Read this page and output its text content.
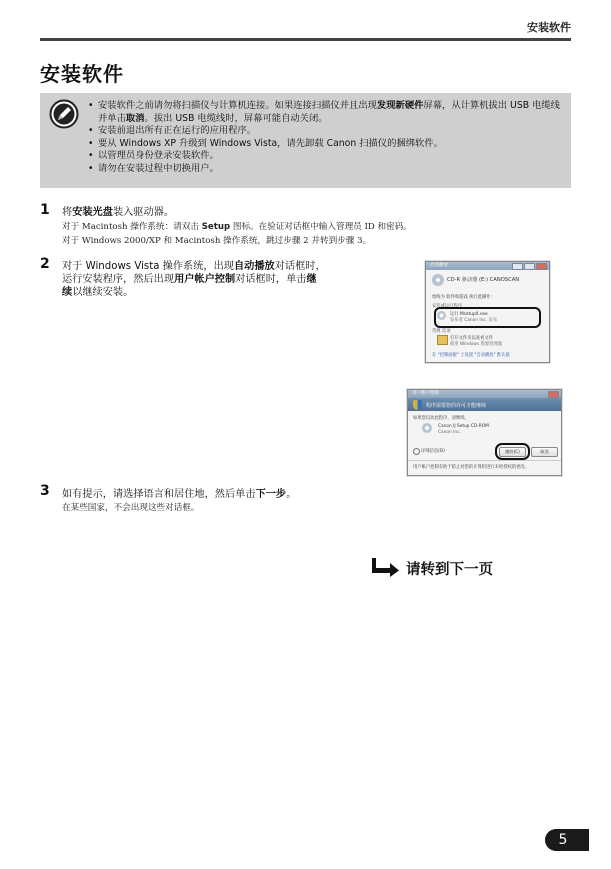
安装软件
安装软件
• 安装软件之前请勿将扫描仪与计算机连接。如果连接扫描仪并且出现发现新硬件屏幕，从计算机拔出 USB 电缆线并单击取消。拔出 USB 电缆线时，屏幕可能自动关闭。
• 安装前退出所有正在运行的应用程序。
• 要从 Windows XP 升级到 Windows Vista，请先卸载 Canon 扫描仪的捆绑软件。
• 以管理员身份登录安装软件。
• 请勿在安装过程中切换用户。
1 将安装光盘装入驱动器。
对于 Macintosh 操作系统：请双击 Setup 图标。在验证对话框中输入管理员 ID 和密码。
对于 Windows 2000/XP 和 Macintosh 操作系统，跳过步骤 2 并转到步骤 3。
2 对于 Windows Vista 操作系统，出现自动播放对话框时，
运行安装程序，然后出现用户帐户控制对话框时，单击继
续以继续安装。
自动播放
CD-R 驱动器 (E:) CANOSCAN
始终为 软件和游戏 执行此操作：
安装或运行程序
运行 MsetupX.exe
发布者 Canon Inc. 发布
常规 选项
打开文件夹以查看文件
使用 Windows 资源管理器
在 "控制面板" 上设置 "自动播放" 默认值
用户帐户控制
程序需要您的许可才能继续
如果您启动此程序，请继续。
Canon IJ Setup CD-ROM
Canon Inc.
详细信息(D)	继续(C)	取消
用户帐户控制有助于防止对您的计算机进行未经授权的更改。
3 如有提示，请选择语言和居住地，然后单击下一步。
在某些国家，不会出现这些对话框。
请转到下一页
5
